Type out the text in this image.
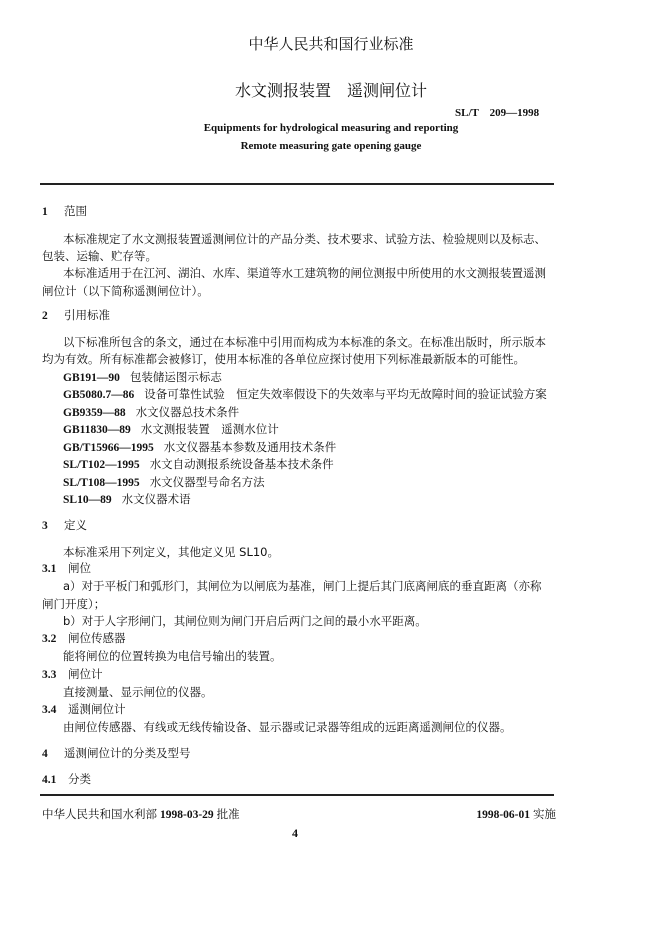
中华人民共和国行业标准
水文测报装置　遥测闸位计
SL/T　209—1998
Equipments for hydrological measuring and reporting
Remote measuring gate opening gauge
1 范围
本标准规定了水文测报装置遥测闸位计的产品分类、技术要求、试验方法、检验规则以及标志、
包装、运输、贮存等。
本标准适用于在江河、湖泊、水库、渠道等水工建筑物的闸位测报中所使用的水文测报装置遥测
闸位计（以下简称遥测闸位计）。
2 引用标准
以下标准所包含的条文，通过在本标准中引用而构成为本标准的条文。在标准出版时，所示版本
均为有效。所有标准都会被修订，使用本标准的各单位应探讨使用下列标准最新版本的可能性。
GB191—90 包装储运图示标志
GB5080.7—86 设备可靠性试验　恒定失效率假设下的失效率与平均无故障时间的验证试验方案
GB9359—88 水文仪器总技术条件
GB11830—89 水文测报装置　遥测水位计
GB/T15966—1995 水文仪器基本参数及通用技术条件
SL/T102—1995 水文自动测报系统设备基本技术条件
SL/T108—1995 水文仪器型号命名方法
SL10—89 水文仪器术语
3 定义
本标准采用下列定义，其他定义见 SL10。
3.1 闸位
a）对于平板门和弧形门，其闸位为以闸底为基准，闸门上提后其门底离闸底的垂直距离（亦称
闸门开度）；
b）对于人字形闸门，其闸位则为闸门开启后两门之间的最小水平距离。
3.2 闸位传感器
能将闸位的位置转换为电信号输出的装置。
3.3 闸位计
直接测量、显示闸位的仪器。
3.4 遥测闸位计
由闸位传感器、有线或无线传输设备、显示器或记录器等组成的远距离遥测闸位的仪器。
4 遥测闸位计的分类及型号
4.1 分类
中华人民共和国水利部 1998-03-29 批准	1998-06-01 实施
4
